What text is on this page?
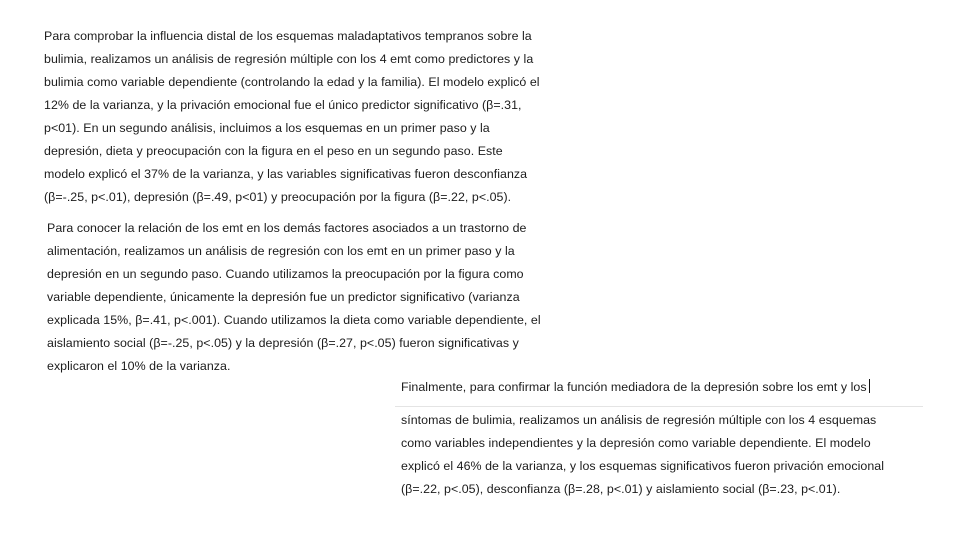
Para comprobar la influencia distal de los esquemas maladaptativos tempranos sobre la
bulimia, realizamos un análisis de regresión múltiple con los 4 emt como predictores y la
bulimia como variable dependiente (controlando la edad y la familia). El modelo explicó el
12% de la varianza, y la privación emocional fue el único predictor significativo (β=.31,
p<01). En un segundo análisis, incluimos a los esquemas en un primer paso y la
depresión, dieta y preocupación con la figura en el peso en un segundo paso. Este
modelo explicó el 37% de la varianza, y las variables significativas fueron desconfianza
(β=-.25, p<.01), depresión (β=.49, p<01) y preocupación por la figura (β=.22, p<.05).
Para conocer la relación de los emt en los demás factores asociados a un trastorno de
alimentación, realizamos un análisis de regresión con los emt en un primer paso y la
depresión en un segundo paso. Cuando utilizamos la preocupación por la figura como
variable dependiente, únicamente la depresión fue un predictor significativo (varianza
explicada 15%, β=.41, p<.001). Cuando utilizamos la dieta como variable dependiente, el
aislamiento social (β=-.25, p<.05) y la depresión (β=.27, p<.05) fueron significativas y
explicaron el 10% de la varianza.
Finalmente, para confirmar la función mediadora de la depresión sobre los emt y los
síntomas de bulimia, realizamos un análisis de regresión múltiple con los 4 esquemas
como variables independientes y la depresión como variable dependiente. El modelo
explicó el 46% de la varianza, y los esquemas significativos fueron privación emocional
(β=.22, p<.05), desconfianza (β=.28, p<.01) y aislamiento social (β=.23, p<.01).
